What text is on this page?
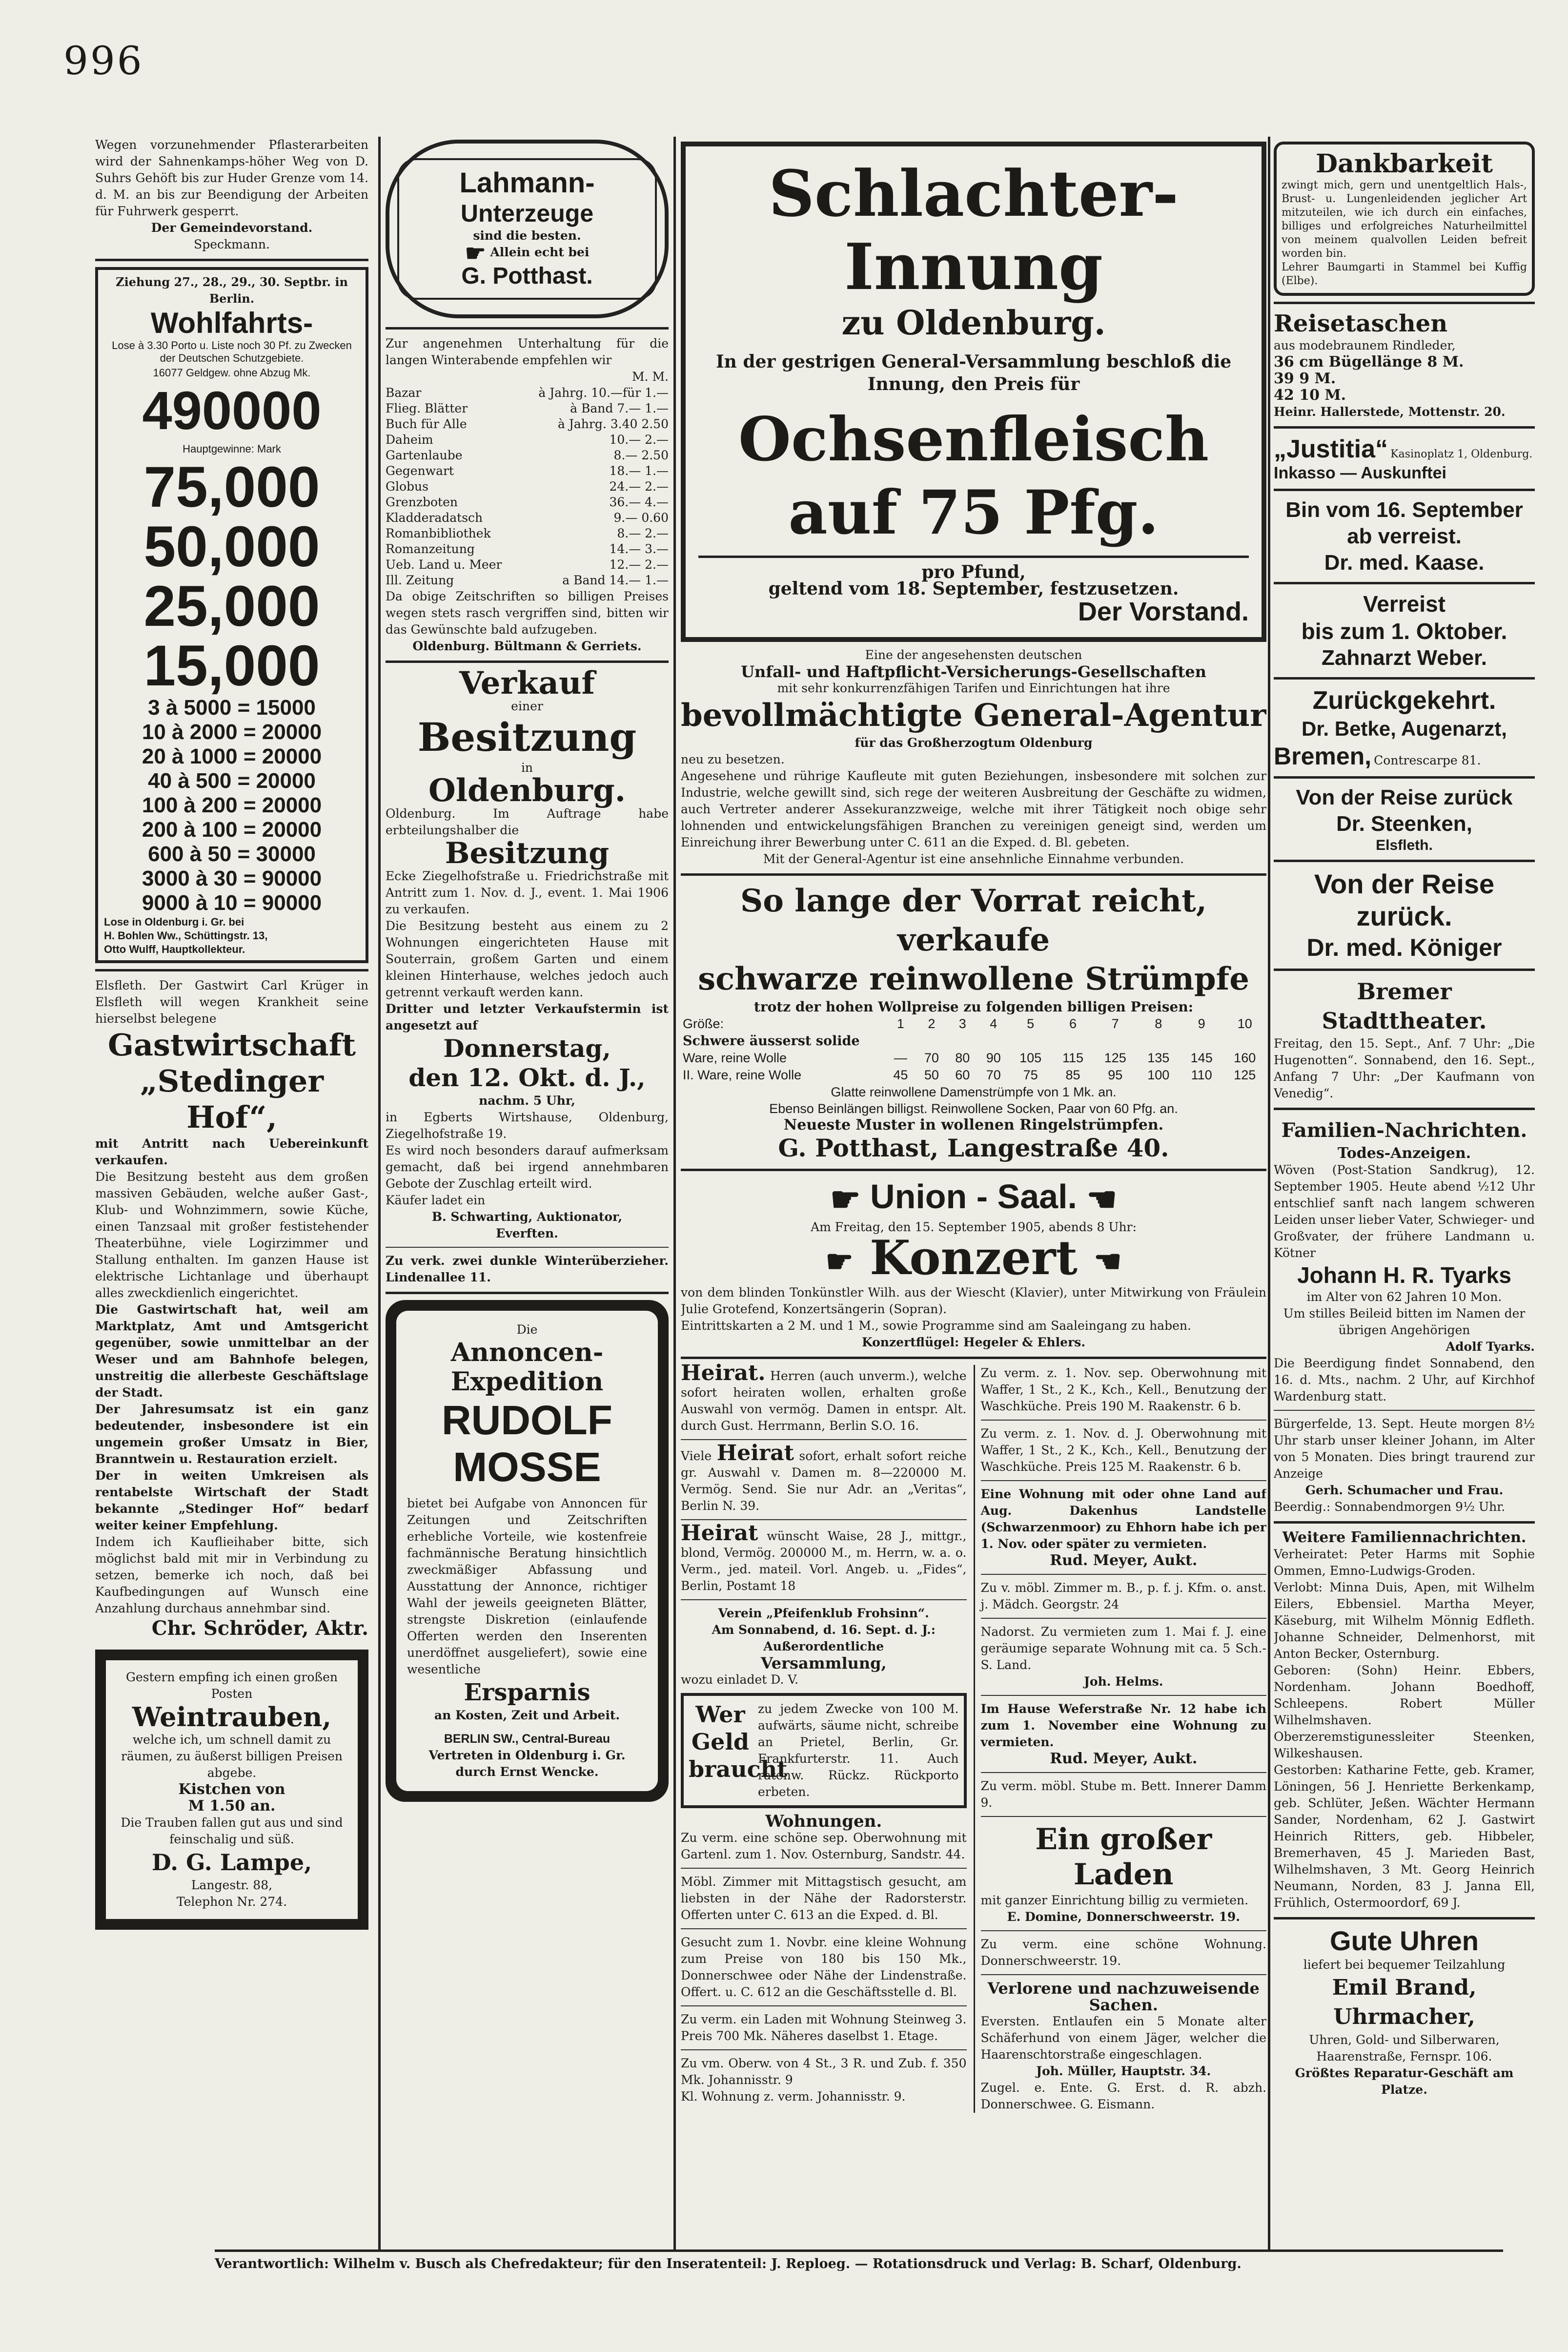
996

Wegen vorzunehmender Pflasterarbeiten wird der Sahnenkamps-höher Weg von D. Suhrs Gehöft bis zur Huder Grenze vom 14. d. M. an bis zur Beendigung der Arbeiten für Fuhrwerk gesperrt.

Der Gemeindevorstand.

Speckmann.

Ziehung 27., 28., 29., 30. Septbr. in Berlin.

Wohlfahrts-

Lose à 3.30 Porto u. Liste noch 30 Pf. zu Zwecken der Deutschen Schutzgebiete.

16077 Geldgew. ohne Abzug Mk.

490000

Hauptgewinne: Mark

75,000

50,000

25,000

15,000

3 à 5000 = 15000

10 à 2000 = 20000

20 à 1000 = 20000

40 à 500 = 20000

100 à 200 = 20000

200 à 100 = 20000

600 à 50 = 30000

3000 à 30 = 90000

9000 à 10 = 90000

Lose in Oldenburg i. Gr. bei

H. Bohlen Ww., Schüttingstr. 13,

Otto Wulff, Hauptkollekteur.

Elsfleth. Der Gastwirt Carl Krüger in Elsfleth will wegen Krankheit seine hierselbst belegene

Gastwirtschaft

„Stedinger Hof“,

mit Antritt nach Uebereinkunft verkaufen.

Die Besitzung besteht aus dem großen massiven Gebäuden, welche außer Gast-, Klub- und Wohnzimmern, sowie Küche, einen Tanzsaal mit großer festistehender Theaterbühne, viele Logirzimmer und Stallung enthalten. Im ganzen Hause ist elektrische Lichtanlage und überhaupt alles zweckdienlich eingerichtet.

Die Gastwirtschaft hat, weil am Marktplatz, Amt und Amtsgericht gegenüber, sowie unmittelbar an der Weser und am Bahnhofe belegen, unstreitig die allerbeste Geschäftslage der Stadt.

Der Jahresumsatz ist ein ganz bedeutender, insbesondere ist ein ungemein großer Umsatz in Bier, Branntwein u. Restauration erzielt.

Der in weiten Umkreisen als rentabelste Wirtschaft der Stadt bekannte „Stedinger Hof“ bedarf weiter keiner Empfehlung.

Indem ich Kauflieihaber bitte, sich möglichst bald mit mir in Verbindung zu setzen, bemerke ich noch, daß bei Kaufbedingungen auf Wunsch eine Anzahlung durchaus annehmbar sind.

Chr. Schröder, Aktr.

Gestern empfing ich einen großen Posten

Weintrauben,

welche ich, um schnell damit zu räumen, zu äußerst billigen Preisen abgebe.

Kistchen von

M 1.50 an.

Die Trauben fallen gut aus und sind feinschalig und süß.

D. G. Lampe,

Langestr. 88,

Telephon Nr. 274.

Lahmann-

Unterzeuge

sind die besten.

☛ Allein echt bei

G. Potthast.

Zur angenehmen Unterhaltung für die langen Winterabende empfehlen wir

M. M.

Bazar	à Jahrg. 10.—für 1.—
Flieg. Blätter	à Band 7.— 1.—
Buch für Alle	à Jahrg. 3.40 2.50
Daheim	10.— 2.—
Gartenlaube	8.— 2.50
Gegenwart	18.— 1.—
Globus	24.— 2.—
Grenzboten	36.— 4.—
Kladderadatsch	9.— 0.60
Romanbibliothek	8.— 2.—
Romanzeitung	14.— 3.—
Ueb. Land u. Meer	12.— 2.—
Ill. Zeitung	a Band 14.— 1.—

Da obige Zeitschriften so billigen Preises wegen stets rasch vergriffen sind, bitten wir das Gewünschte bald aufzugeben.

Oldenburg. Bültmann & Gerriets.

Verkauf

einer

Besitzung

in

Oldenburg.

Oldenburg. Im Auftrage habe erbteilungshalber die

Besitzung

Ecke Ziegelhofstraße u. Friedrichstraße mit Antritt zum 1. Nov. d. J., event. 1. Mai 1906 zu verkaufen.

Die Besitzung besteht aus einem zu 2 Wohnungen eingerichteten Hause mit Souterrain, großem Garten und einem kleinen Hinterhause, welches jedoch auch getrennt verkauft werden kann.

Dritter und letzter Verkaufstermin ist angesetzt auf

Donnerstag,

den 12. Okt. d. J.,

nachm. 5 Uhr,

in Egberts Wirtshause, Oldenburg, Ziegelhofstraße 19.

Es wird noch besonders darauf aufmerksam gemacht, daß bei irgend annehmbaren Gebote der Zuschlag erteilt wird.

Käufer ladet ein

B. Schwarting, Auktionator,

Everften.

Zu verk. zwei dunkle Winterüberzieher. Lindenallee 11.

Die

Annoncen-

Expedition

RUDOLF

MOSSE

bietet bei Aufgabe von Annoncen für Zeitungen und Zeitschriften erhebliche Vorteile, wie kostenfreie fachmännische Beratung hinsichtlich zweckmäßiger Abfassung und Ausstattung der Annonce, richtiger Wahl der jeweils geeigneten Blätter, strengste Diskretion (einlaufende Offerten werden den Inserenten unerdöffnet ausgeliefert), sowie eine wesentliche

Ersparnis

an Kosten, Zeit und Arbeit.

BERLIN SW., Central-Bureau

Vertreten in Oldenburg i. Gr. durch Ernst Wencke.

Schlachter-Innung

zu Oldenburg.

In der gestrigen General-Versammlung beschloß die Innung, den Preis für

Ochsenfleisch auf 75 Pfg.

pro Pfund,

geltend vom 18. September, festzusetzen.

Der Vorstand.

Eine der angesehensten deutschen

Unfall- und Haftpflicht-Versicherungs-Gesellschaften

mit sehr konkurrenzfähigen Tarifen und Einrichtungen hat ihre

bevollmächtigte General-Agentur

für das Großherzogtum Oldenburg

neu zu besetzen.

Angesehene und rührige Kaufleute mit guten Beziehungen, insbesondere mit solchen zur Industrie, welche gewillt sind, sich rege der weiteren Ausbreitung der Geschäfte zu widmen, auch Vertreter anderer Assekuranzzweige, welche mit ihrer Tätigkeit noch obige sehr lohnenden und entwickelungsfähigen Branchen zu vereinigen geneigt sind, werden um Einreichung ihrer Bewerbung unter C. 611 an die Exped. d. Bl. gebeten.

Mit der General-Agentur ist eine ansehnliche Einnahme verbunden.

So lange der Vorrat reicht, verkaufe

schwarze reinwollene Strümpfe

trotz der hohen Wollpreise zu folgenden billigen Preisen:

Größe:	1	2	3	4	5	6	7	8	9	10
Schwere äusserst solide										
Ware, reine Wolle	—	70	80	90	105	115	125	135	145	160
II. Ware, reine Wolle	45	50	60	70	75	85	95	100	110	125

Glatte reinwollene Damenstrümpfe von 1 Mk. an.

Ebenso Beinlängen billigst. Reinwollene Socken, Paar von 60 Pfg. an.

Neueste Muster in wollenen Ringelstrümpfen.

G. Potthast, Langestraße 40.

☛ Union - Saal. ☚

Am Freitag, den 15. September 1905, abends 8 Uhr:

☛ Konzert ☚

von dem blinden Tonkünstler Wilh. aus der Wiescht (Klavier), unter Mitwirkung von Fräulein Julie Grotefend, Konzertsängerin (Sopran).

Eintrittskarten a 2 M. und 1 M., sowie Programme sind am Saaleingang zu haben.

Konzertflügel: Hegeler & Ehlers.

Heirat. Herren (auch unverm.), welche sofort heiraten wollen, erhalten große Auswahl von vermög. Damen in entspr. Alt. durch Gust. Herrmann, Berlin S.O. 16.

Viele Heirat sofort, erhalt sofort reiche gr. Auswahl v. Damen m. 8—220000 M. Vermög. Send. Sie nur Adr. an „Veritas“, Berlin N. 39.

Heirat wünscht Waise, 28 J., mittgr., blond, Vermög. 200000 M., m. Herrn, w. a. o. Verm., jed. mateil. Vorl. Angeb. u. „Fides“, Berlin, Postamt 18

Verein „Pfeifenklub Frohsinn“.

Am Sonnabend, d. 16. Sept. d. J.:

Außerordentliche

Versammlung,

wozu einladet D. V.

Wer

Geld

braucht

zu jedem Zwecke von 100 M. aufwärts, säume nicht, schreibe an Prietel, Berlin, Gr. Frankfurterstr. 11. Auch ratenw. Rückz. Rückporto erbeten.

Wohnungen.

Zu verm. eine schöne sep. Oberwohnung mit Gartenl. zum 1. Nov. Osternburg, Sandstr. 44.

Möbl. Zimmer mit Mittagstisch gesucht, am liebsten in der Nähe der Radorsterstr. Offerten unter C. 613 an die Exped. d. Bl.

Gesucht zum 1. Novbr. eine kleine Wohnung zum Preise von 180 bis 150 Mk., Donnerschwee oder Nähe der Lindenstraße. Offert. u. C. 612 an die Geschäftsstelle d. Bl.

Zu verm. ein Laden mit Wohnung Steinweg 3. Preis 700 Mk. Näheres daselbst 1. Etage.

Zu vm. Oberw. von 4 St., 3 R. und Zub. f. 350 Mk. Johannisstr. 9

Kl. Wohnung z. verm. Johannisstr. 9.

Zu verm. z. 1. Nov. sep. Oberwohnung mit Waffer, 1 St., 2 K., Kch., Kell., Benutzung der Waschküche. Preis 190 M. Raakenstr. 6 b.

Zu verm. z. 1. Nov. d. J. Oberwohnung mit Waffer, 1 St., 2 K., Kch., Kell., Benutzung der Waschküche. Preis 125 M. Raakenstr. 6 b.

Eine Wohnung mit oder ohne Land auf Aug. Dakenhus Landstelle (Schwarzenmoor) zu Ehhorn habe ich per 1. Nov. oder später zu vermieten.

Rud. Meyer, Aukt.

Zu v. möbl. Zimmer m. B., p. f. j. Kfm. o. anst. j. Mädch. Georgstr. 24

Nadorst. Zu vermieten zum 1. Mai f. J. eine geräumige separate Wohnung mit ca. 5 Sch.-S. Land.

Joh. Helms.

Im Hause Weferstraße Nr. 12 habe ich zum 1. November eine Wohnung zu vermieten.

Rud. Meyer, Aukt.

Zu verm. möbl. Stube m. Bett. Innerer Damm 9.

Ein großer Laden

mit ganzer Einrichtung billig zu vermieten.

E. Domine, Donnerschweerstr. 19.

Zu verm. eine schöne Wohnung. Donnerschweerstr. 19.

Verlorene und nachzuweisende Sachen.

Eversten. Entlaufen ein 5 Monate alter Schäferhund von einem Jäger, welcher die Haarenschtorstraße eingeschlagen.

Joh. Müller, Hauptstr. 34.

Zugel. e. Ente. G. Erst. d. R. abzh. Donnerschwee. G. Eismann.

Dankbarkeit

zwingt mich, gern und unentgeltlich Hals-, Brust- u. Lungenleidenden jeglicher Art mitzuteilen, wie ich durch ein einfaches, billiges und erfolgreiches Naturheilmittel von meinem qualvollen Leiden befreit worden bin.

Lehrer Baumgarti in Stammel bei Kuffig (Elbe).

Reisetaschen

aus modebraunem Rindleder,

36 cm Bügellänge 8 M.

39 9 M.

42 10 M.

Heinr. Hallerstede, Mottenstr. 20.

„Justitia“ Kasinoplatz 1, Oldenburg.

Inkasso — Auskunftei

Bin vom 16. September

ab verreist.

Dr. med. Kaase.

Verreist

bis zum 1. Oktober.

Zahnarzt Weber.

Zurückgekehrt.

Dr. Betke, Augenarzt,

Bremen, Contrescarpe 81.

Von der Reise zurück

Dr. Steenken,

Elsfleth.

Von der Reise

zurück.

Dr. med. Königer

Bremer Stadttheater.

Freitag, den 15. Sept., Anf. 7 Uhr: „Die Hugenotten“. Sonnabend, den 16. Sept., Anfang 7 Uhr: „Der Kaufmann von Venedig“.

Familien-Nachrichten.

Todes-Anzeigen.

Wöven (Post-Station Sandkrug), 12. September 1905. Heute abend ½12 Uhr entschlief sanft nach langem schweren Leiden unser lieber Vater, Schwieger- und Großvater, der frühere Landmann u. Kötner

Johann H. R. Tyarks

im Alter von 62 Jahren 10 Mon.

Um stilles Beileid bitten im Namen der übrigen Angehörigen

Adolf Tyarks.

Die Beerdigung findet Sonnabend, den 16. d. Mts., nachm. 2 Uhr, auf Kirchhof Wardenburg statt.

Bürgerfelde, 13. Sept. Heute morgen 8½ Uhr starb unser kleiner Johann, im Alter von 5 Monaten. Dies bringt traurend zur Anzeige

Gerh. Schumacher und Frau.

Beerdig.: Sonnabendmorgen 9½ Uhr.

Weitere Familiennachrichten.

Verheiratet: Peter Harms mit Sophie Ommen, Emno-Ludwigs-Groden.

Verlobt: Minna Duis, Apen, mit Wilhelm Eilers, Ebbensiel. Martha Meyer, Käseburg, mit Wilhelm Mönnig Edfleth. Johanne Schneider, Delmenhorst, mit Anton Becker, Osternburg.

Geboren: (Sohn) Heinr. Ebbers, Nordenham. Johann Boedhoff, Schleepens. Robert Müller Wilhelmshaven. Oberzeremstigunessleiter Steenken, Wilkeshausen.

Gestorben: Katharine Fette, geb. Kramer, Löningen, 56 J. Henriette Berkenkamp, geb. Schlüter, Jeßen. Wächter Hermann Sander, Nordenham, 62 J. Gastwirt Heinrich Ritters, geb. Hibbeler, Bremerhaven, 45 J. Marieden Bast, Wilhelmshaven, 3 Mt. Georg Heinrich Neumann, Norden, 83 J. Janna Ell, Frühlich, Ostermoordorf, 69 J.

Gute Uhren

liefert bei bequemer Teilzahlung

Emil Brand, Uhrmacher,

Uhren, Gold- und Silberwaren, Haarenstraße, Fernspr. 106.

Größtes Reparatur-Geschäft am Platze.

Verantwortlich: Wilhelm v. Busch als Chefredakteur; für den Inseratenteil: J. Reploeg. — Rotationsdruck und Verlag: B. Scharf, Oldenburg.
